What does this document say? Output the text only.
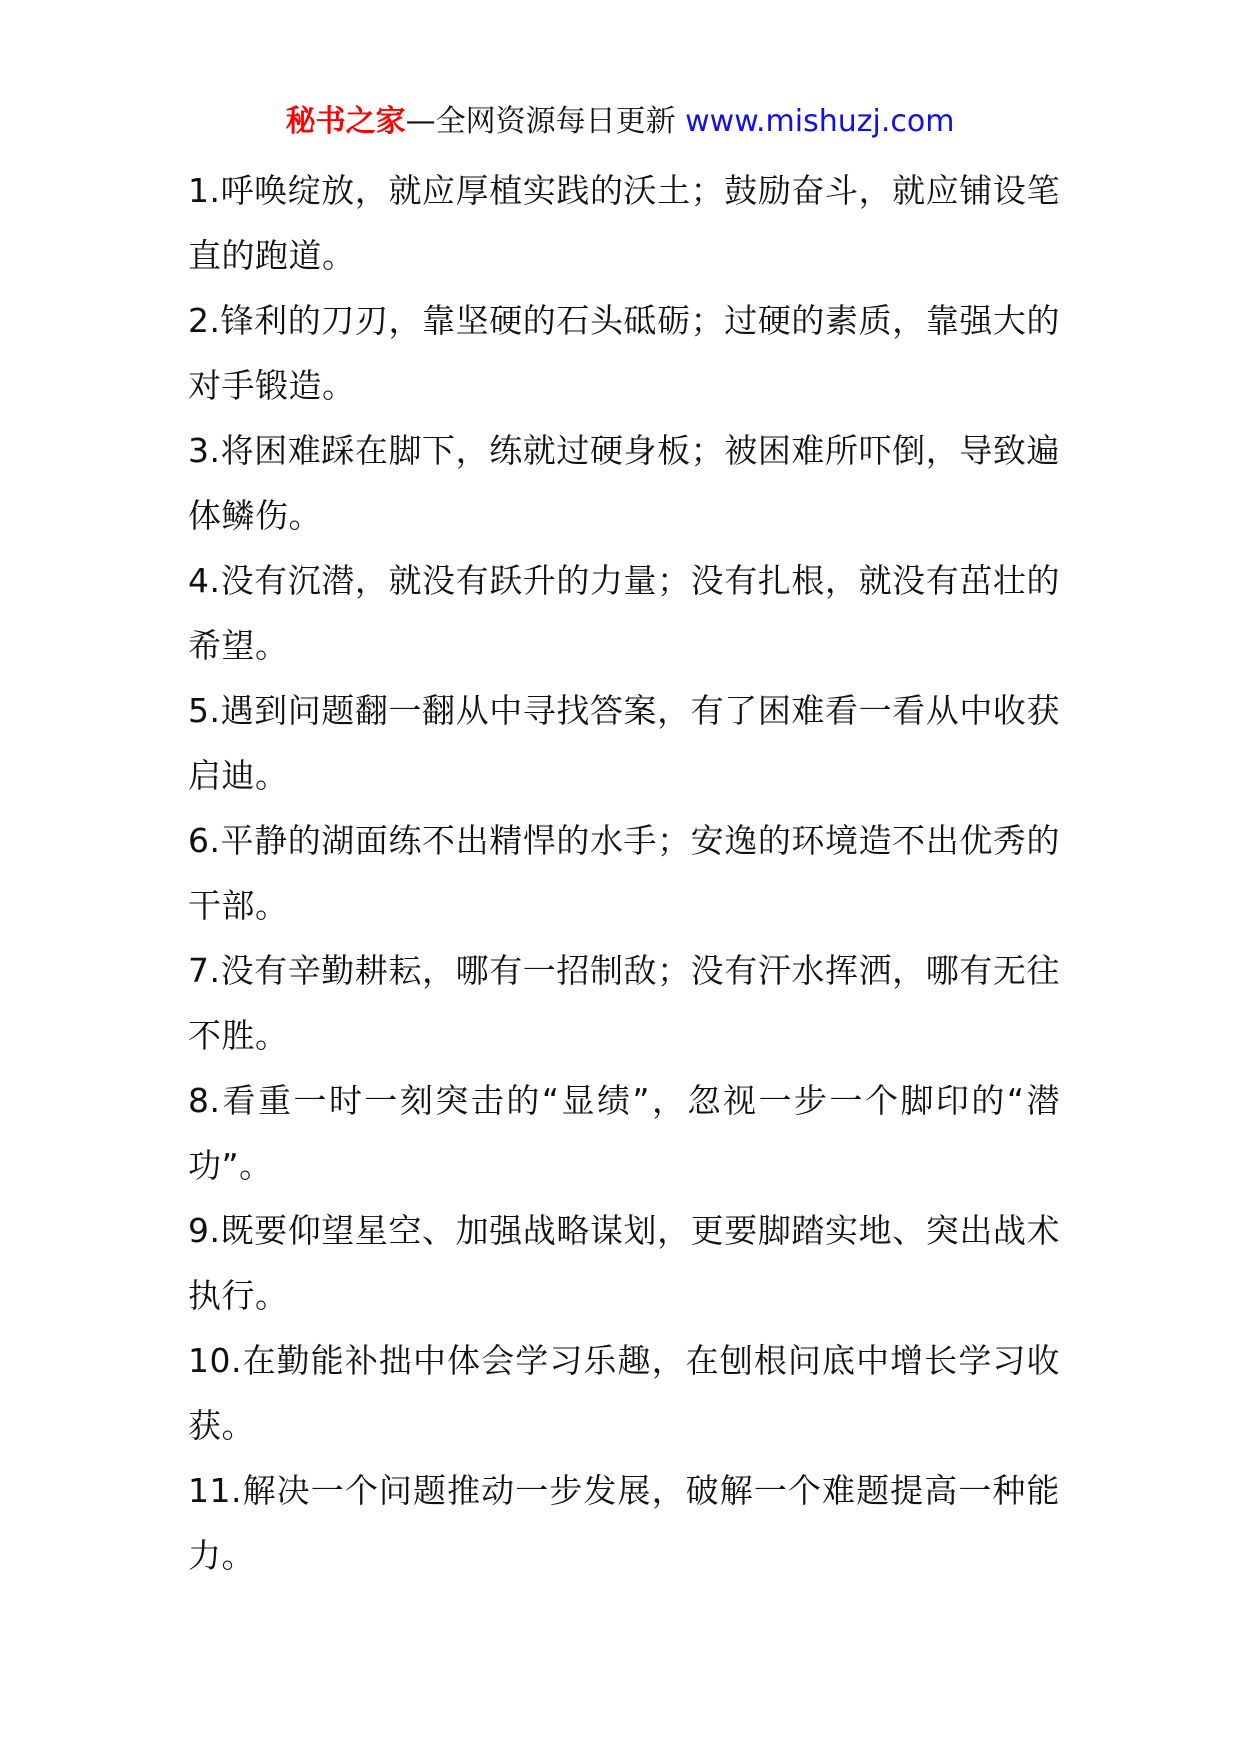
秘书之家—全网资源每日更新 www.mishuzj.com

1.呼唤绽放，就应厚植实践的沃土；鼓励奋斗，就应铺设笔直的跑道。

2.锋利的刀刃，靠坚硬的石头砥砺；过硬的素质，靠强大的对手锻造。

3.将困难踩在脚下，练就过硬身板；被困难所吓倒，导致遍体鳞伤。

4.没有沉潜，就没有跃升的力量；没有扎根，就没有茁壮的希望。

5.遇到问题翻一翻从中寻找答案，有了困难看一看从中收获启迪。

6.平静的湖面练不出精悍的水手；安逸的环境造不出优秀的干部。

7.没有辛勤耕耘，哪有一招制敌；没有汗水挥洒，哪有无往不胜。

8.看重一时一刻突击的“显绩”，忽视一步一个脚印的“潜功”。

9.既要仰望星空、加强战略谋划，更要脚踏实地、突出战术执行。

10.在勤能补拙中体会学习乐趣，在刨根问底中增长学习收获。

11.解决一个问题推动一步发展，破解一个难题提高一种能力。
